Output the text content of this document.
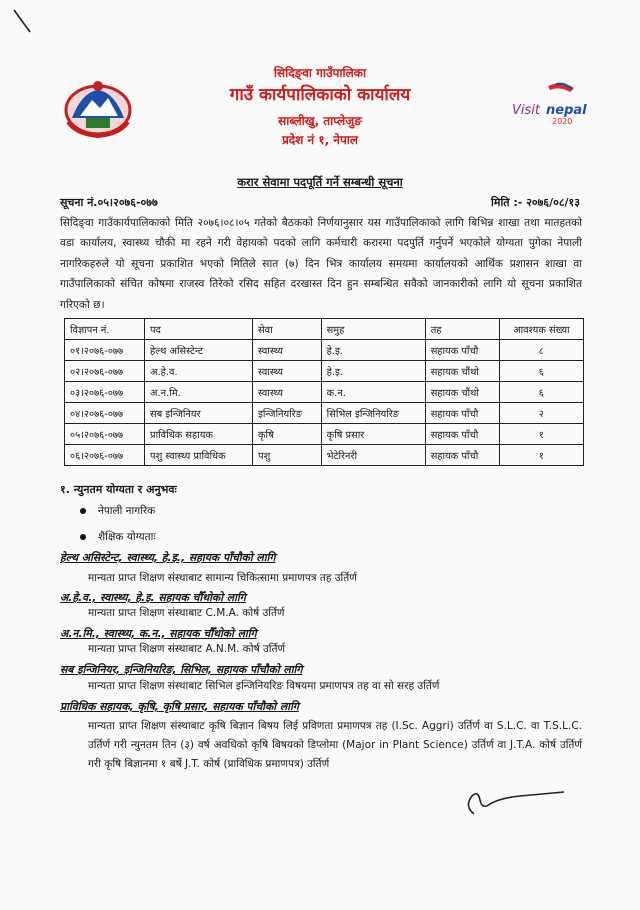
Visit nepal
2020
सिदिङ्वा गाउँपालिका
गाउँ कार्यपालिकाको कार्यालय
साब्लीखु, ताप्लेजुङ
प्रदेश नं १, नेपाल
करार सेवामा पदपूर्ति गर्ने सम्बन्धी सूचना
सूचना नं.०५।२०७६-०७७	मिति :- २०७६/०८/१३
सिदिङ्वा गाउँकार्यपालिकाको मिति २०७६।०८।०५ गतेको बैठकको निर्णयानुसार यस गाउँपालिकाको लागि बिभिन्न शाखा तथा मातहतको वडा कार्यालय, स्वास्थ्य चौकी मा रहने गरी वेहायको पदको लागि कर्मचारी करारमा पदपुर्ति गर्नुपर्ने भएकोले योग्यता पुगेका नेपाली नागरिकहरुले यो सूचना प्रकाशित भएको मितिले सात (७) दिन भित्र कार्यालय समयमा कार्यालयको आर्थिक प्रशासन शाखा वा गाउँपालिकाको संचित कोषमा राजस्व तिरेको रसिद सहित दरखास्त दिन हुन सम्बन्धित सवैको जानकारीको लागि यो सूचना प्रकाशित गरिएको छ।
विज्ञापन नं.	पद	सेवा	समुह	तह	आवश्यक संख्या
०१।२०७६-०७७	हेल्थ असिस्टेन्ट	स्वास्थ्य	हे.इ.	सहायक पाँचौ	८
०२।२०७६-०७७	अ.हे.व.	स्वास्थ्य	हे.इ.	सहायक चौंथो	६
०३।२०७६-०७७	अ.न.मि.	स्वास्थ्य	क.न.	सहायक चौंथो	६
०४।२०७६-०७७	सब इन्जिनियर	इन्जिनियरिङ	सिभिल इन्जिनियरिङ	सहायक पाँचौ	२
०५।२०७६-०७७	प्राविधिक सहायक	कृषि	कृषि प्रसार	सहायक पाँचौ	१
०६।२०७६-०७७	पशु स्वास्थ्य प्राविधिक	पशु	भेटेरिनरी	सहायक पाँचौ	१
१. न्युनतम योग्यता र अनुभवः
नेपाली नागरिक
शैक्षिक योग्यताः
हेल्थ असिस्टेन्ट, स्वास्थ्य, हे.इ., सहायक पाँचौको लागि
मान्यता प्राप्त शिक्षण संस्थाबाट सामान्य चिकित्सामा प्रमाणपत्र तह उर्तिर्ण
अ.हे.व., स्वास्थ्य, हे.इ. सहायक चौँथोको लागि
मान्यता प्राप्त शिक्षण संस्थाबाट C.M.A. कोर्ष उर्तिर्ण
अ.न.मि., स्वास्थ्य, क.न., सहायक चौँथोको लागि
मान्यता प्राप्त शिक्षण संस्थाबाट A.N.M. कोर्ष उर्तिर्ण
सब इन्जिनियर, इन्जिनियरिङ, सिभिल, सहायक पाँचौको लागि
मान्यता प्राप्त शिक्षण संस्थाबाट सिभिल इन्जिनियरिङ विषयमा प्रमाणपत्र तह वा सो सरह उर्तिर्ण
प्राविधिक सहायक, कृषि, कृषि प्रसार, सहायक पाँचौको लागि
मान्यता प्राप्त शिक्षण संस्थाबाट कृषि बिज्ञान बिषय लिई प्रविणता प्रमाणपत्र तह (I.Sc. Aggri) उर्तिर्ण वा S.L.C. वा T.S.L.C. उर्तिर्ण गरी न्युनतम तिन (३) वर्ष अवधिको कृषि बिषयको डिप्लोमा (Major in Plant Science) उर्तिर्ण वा J.T.A. कोर्ष उर्तिर्ण गरी कृषि बिज्ञानमा १ बर्षे J.T. कोर्ष (प्राविधिक प्रमाणपत्र) उर्तिर्ण
